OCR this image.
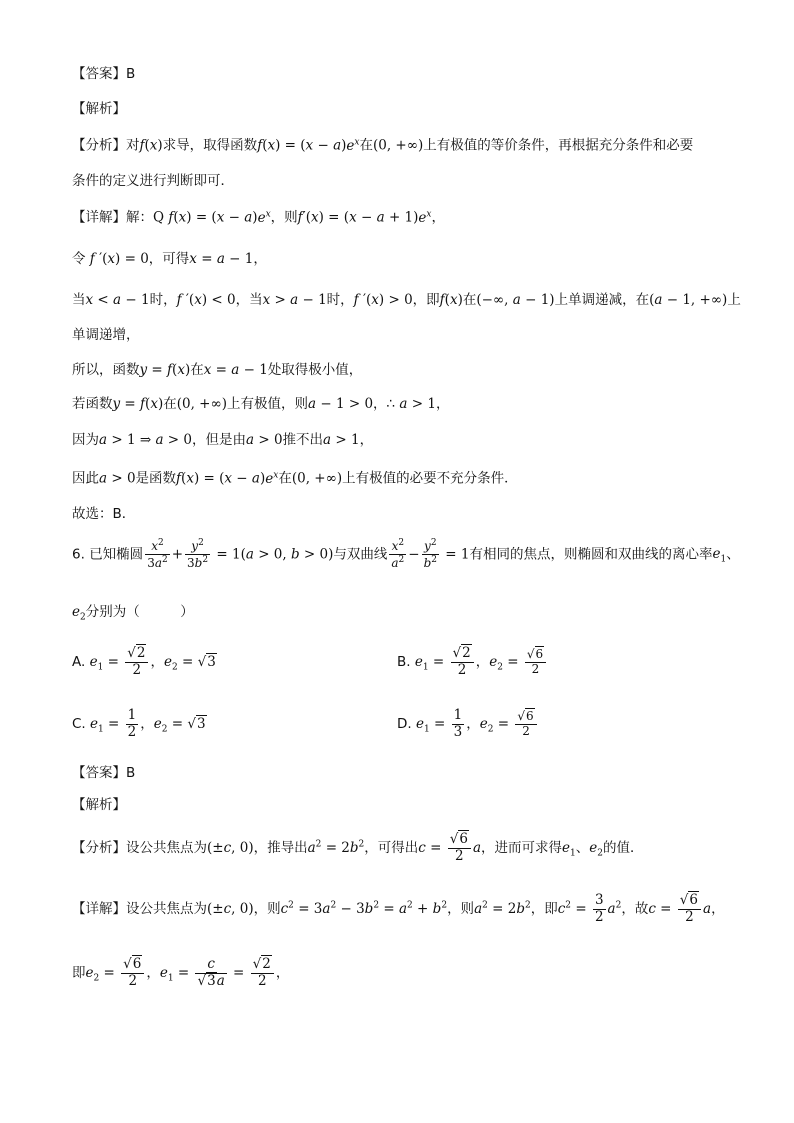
【答案】B
【解析】
【分析】对f(x)求导，取得函数$f(x) = (x - a)e^x$在(0, +∞)上有极值的等价条件，再根据充分条件和必要
条件的定义进行判断即可．
【详解】解：Q $f(x) = (x - a)e^x$，则$f'(x) = (x - a + 1)e^x$，
令 f ′(x) = 0，可得x = a − 1，
当x < a − 1时，f ′(x) < 0，当x > a − 1时，f ′(x) > 0，即f(x)在(−∞, a − 1)上单调递减，在(a − 1, +∞)上
单调递增，
所以，函数y = f(x)在x = a − 1处取得极小值，
若函数y = f(x)在(0, +∞)上有极值，则a − 1 > 0，∴ a > 1，
因为a > 1 ⇒ a > 0，但是由a > 0推不出a > 1，
因此a > 0是函数$f(x) = (x - a)e^x$在(0, +∞)上有极值的必要不充分条件．
故选：B．
6. 已知椭圆 $\frac{x^2}{3a^2} + \frac{y^2}{3b^2} = 1(a > 0$, b > 0)与双曲线 $\frac{x^2}{a^2} - \frac{y^2}{b^2} = 1$有相同的焦点，则椭圆和双曲线的离心率$e_1$、
$e_2$分别为（　　　）
A. $e_1 = \frac{√2}{2}$ ，$e_2 = √3$	B. $e_1 = \frac{√2}{2}$ ，$e_2 = \frac{√6}{2}$
C. $e_1 = \frac{1}{2}$ ，$e_2 = √3$	D. $e_1 = \frac{1}{3}$ ，$e_2 = \frac{√6}{2}$
【答案】B
【解析】
【分析】设公共焦点为(±c, 0)，推导出$a^2 = 2b^2$，可得出$c = \frac{√6}{2}$ a，进而可求得$e_1$、$e_2$的值．
【详解】设公共焦点为(±c, 0)，则$c^2 = 3a^2 - 3b^2 = a^2 + b^2$，则$a^2 = 2b^2$，即$c^2 = \frac{3}{2} a^2$，故$c = \frac{√6}{2}$ a，
即$e_2 = \frac{√6}{2}$ ，$e_1 = \frac{c}{√3a} = \frac{√2}{2}$ ，
